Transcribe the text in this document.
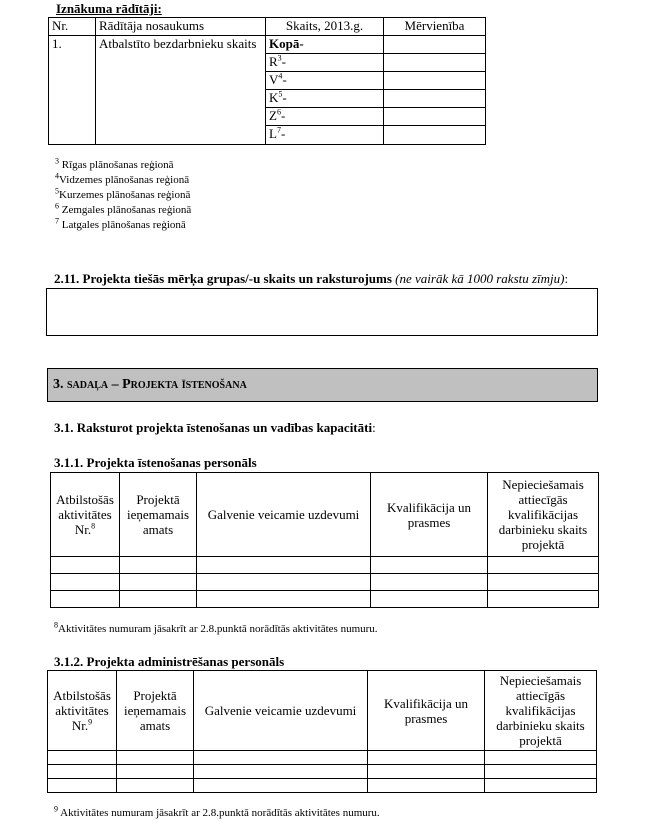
Iznākuma rādītāji:
Nr.	Rādītāja nosaukums	Skaits, 2013.g.	Mērvienība
1.	Atbalstīto bezdarbnieku skaits	Kopā-	
		$R^3-$	
		$V^4-$	
		$K^5-$	
		$Z^6-$	
		$L^7-$	
$^3$ Rīgas plānošanas reģionā
$^4$Vidzemes plānošanas reģionā
$^5$Kurzemes plānošanas reģionā
$^6$ Zemgales plānošanas reģionā
$^7$ Latgales plānošanas reģionā
2.11. Projekta tiešās mērķa grupas/-u skaits un raksturojums (ne vairāk kā 1000 rakstu zīmju):
3. sadaļa – Projekta īstenošana
3.1. Raksturot projekta īstenošanas un vadības kapacitāti:
3.1.1. Projekta īstenošanas personāls
Atbilstošās aktivitātes Nr.$^8$	Projektā ieņemamais amats	Galvenie veicamie uzdevumi	Kvalifikācija un prasmes	Nepieciešamais attiecīgās kvalifikācijas darbinieku skaits projektā

$^8$Aktivitātes numuram jāsakrīt ar 2.8.punktā norādītās aktivitātes numuru.
3.1.2. Projekta administrēšanas personāls
Atbilstošās aktivitātes Nr.$^9$	Projektā ieņemamais amats	Galvenie veicamie uzdevumi	Kvalifikācija un prasmes	Nepieciešamais attiecīgās kvalifikācijas darbinieku skaits projektā

$^9$ Aktivitātes numuram jāsakrīt ar 2.8.punktā norādītās aktivitātes numuru.
